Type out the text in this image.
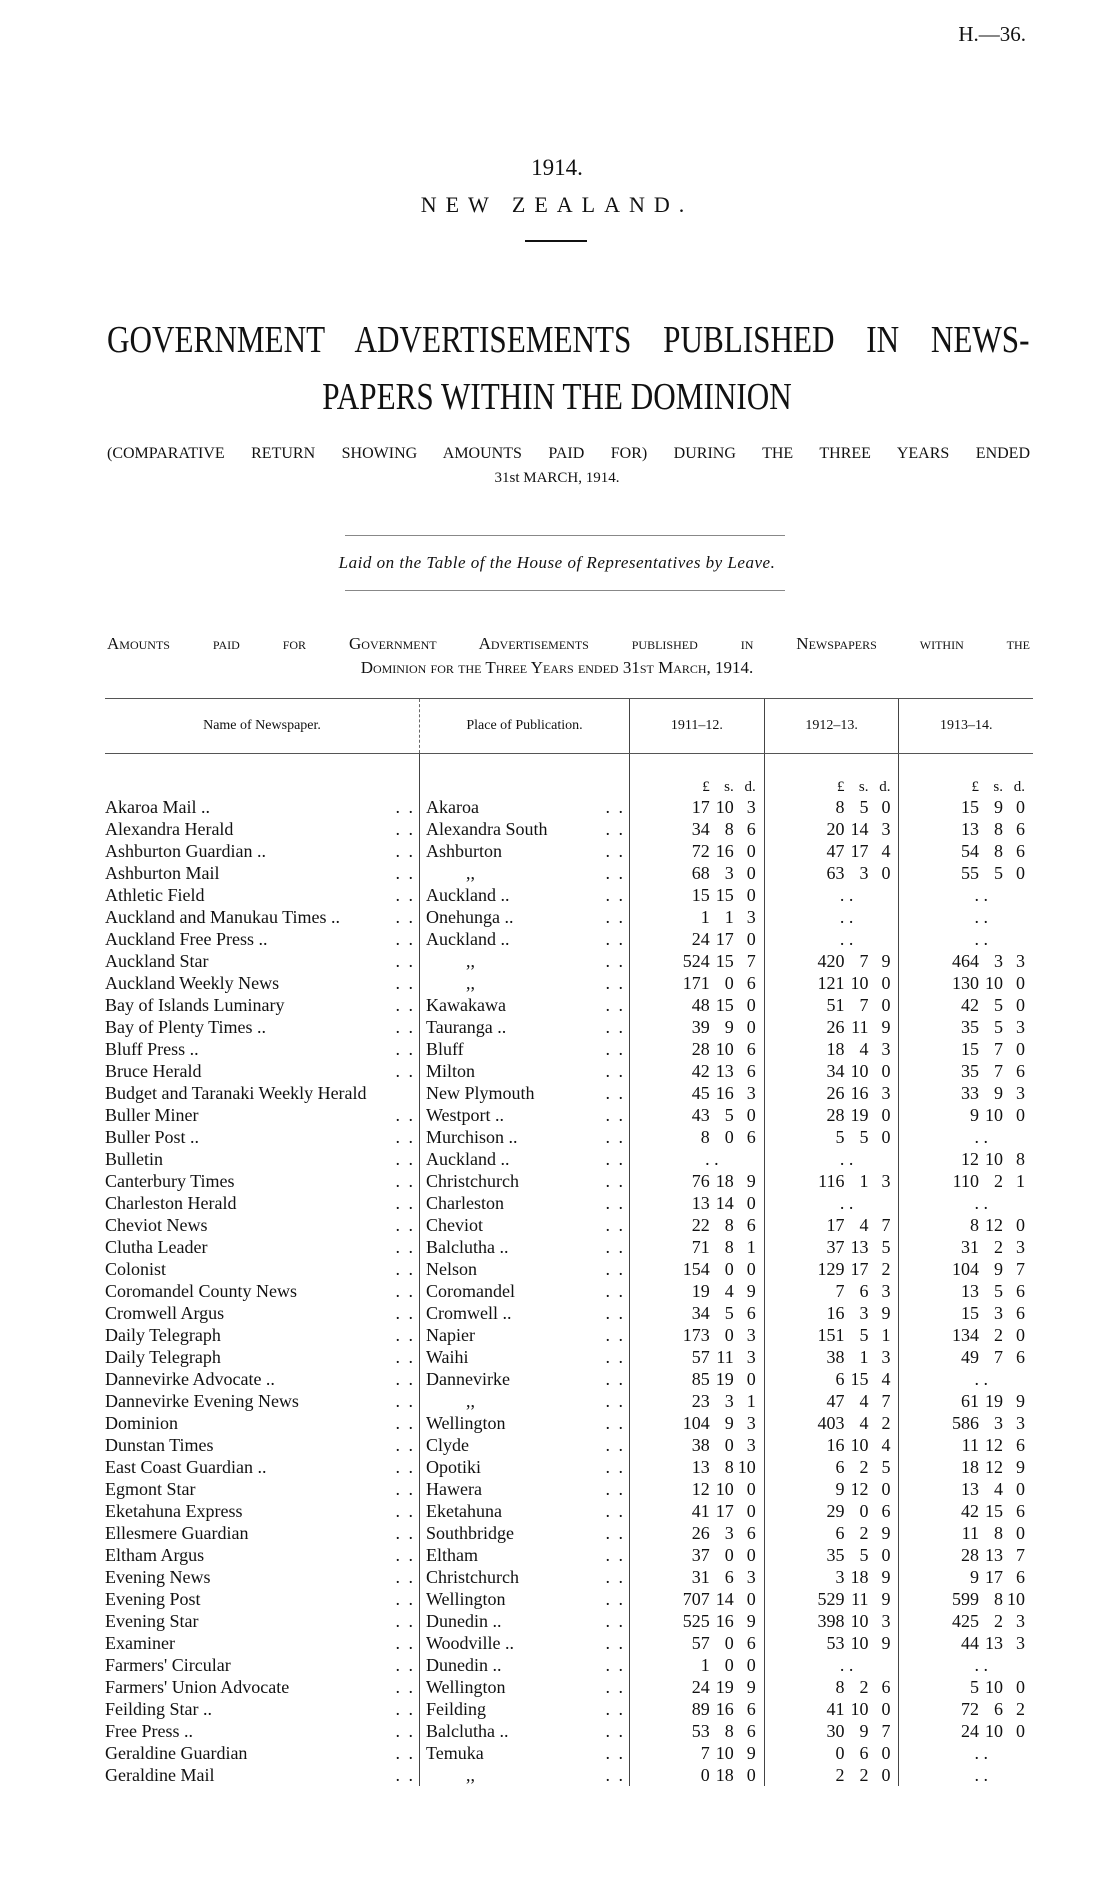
H.—36.
1914.
NEW ZEALAND.
GOVERNMENT ADVERTISEMENTS PUBLISHED IN NEWS-
PAPERS WITHIN THE DOMINION
(COMPARATIVE RETURN SHOWING AMOUNTS PAID FOR) DURING THE THREE YEARS ENDED
31st MARCH, 1914.
Laid on the Table of the House of Representatives by Leave.
Amounts paid for Government Advertisements published in Newspapers within the
Dominion for the Three Years ended 31st March, 1914.
Name of Newspaper.	Place of Publication.	1911–12.	1912–13.	1913–14.

		£ s. d.	£ s. d.	£ s. d.

Akaroa Mail .. . .	Akaroa . .	17 10 3	8 5 0	15 9 0

Alexandra Herald . .	Alexandra South . .	34 8 6	20 14 3	13 8 6

Ashburton Guardian .. . .	Ashburton . .	72 16 0	47 17 4	54 8 6

Ashburton Mail . .	,, . .	68 3 0	63 3 0	55 5 0

Athletic Field . .	Auckland .. . .	15 15 0	. .	. .
Auckland and Manukau Times .. . .	Onehunga .. . .	1 1 3	. .	. .
Auckland Free Press .. . .	Auckland .. . .	24 17 0	. .	. .
Auckland Star . .	,, . .	524 15 7	420 7 9	464 3 3

Auckland Weekly News . .	,, . .	171 0 6	121 10 0	130 10 0

Bay of Islands Luminary . .	Kawakawa . .	48 15 0	51 7 0	42 5 0

Bay of Plenty Times .. . .	Tauranga .. . .	39 9 0	26 11 9	35 5 3

Bluff Press .. . .	Bluff . .	28 10 6	18 4 3	15 7 0

Bruce Herald . .	Milton . .	42 13 6	34 10 0	35 7 6

Budget and Taranaki Weekly Herald	New Plymouth . .	45 16 3	26 16 3	33 9 3

Buller Miner . .	Westport .. . .	43 5 0	28 19 0	9 10 0

Buller Post .. . .	Murchison .. . .	8 0 6	5 5 0	. .
Bulletin . .	Auckland .. . .	. .	. .	12 10 8

Canterbury Times . .	Christchurch . .	76 18 9	116 1 3	110 2 1

Charleston Herald . .	Charleston . .	13 14 0	. .	. .
Cheviot News . .	Cheviot . .	22 8 6	17 4 7	8 12 0

Clutha Leader . .	Balclutha .. . .	71 8 1	37 13 5	31 2 3

Colonist . .	Nelson . .	154 0 0	129 17 2	104 9 7

Coromandel County News . .	Coromandel . .	19 4 9	7 6 3	13 5 6

Cromwell Argus . .	Cromwell .. . .	34 5 6	16 3 9	15 3 6

Daily Telegraph . .	Napier . .	173 0 3	151 5 1	134 2 0

Daily Telegraph . .	Waihi . .	57 11 3	38 1 3	49 7 6

Dannevirke Advocate .. . .	Dannevirke . .	85 19 0	6 15 4	. .
Dannevirke Evening News . .	,, . .	23 3 1	47 4 7	61 19 9

Dominion . .	Wellington . .	104 9 3	403 4 2	586 3 3

Dunstan Times . .	Clyde . .	38 0 3	16 10 4	11 12 6

East Coast Guardian .. . .	Opotiki . .	13 8 10	6 2 5	18 12 9

Egmont Star . .	Hawera . .	12 10 0	9 12 0	13 4 0

Eketahuna Express . .	Eketahuna . .	41 17 0	29 0 6	42 15 6

Ellesmere Guardian . .	Southbridge . .	26 3 6	6 2 9	11 8 0

Eltham Argus . .	Eltham . .	37 0 0	35 5 0	28 13 7

Evening News . .	Christchurch . .	31 6 3	3 18 9	9 17 6

Evening Post . .	Wellington . .	707 14 0	529 11 9	599 8 10

Evening Star . .	Dunedin .. . .	525 16 9	398 10 3	425 2 3

Examiner . .	Woodville .. . .	57 0 6	53 10 9	44 13 3

Farmers' Circular . .	Dunedin .. . .	1 0 0	. .	. .
Farmers' Union Advocate . .	Wellington . .	24 19 9	8 2 6	5 10 0

Feilding Star .. . .	Feilding . .	89 16 6	41 10 0	72 6 2

Free Press .. . .	Balclutha .. . .	53 8 6	30 9 7	24 10 0

Geraldine Guardian . .	Temuka . .	7 10 9	0 6 0	. .
Geraldine Mail . .	,, . .	0 18 0	2 2 0	. .
